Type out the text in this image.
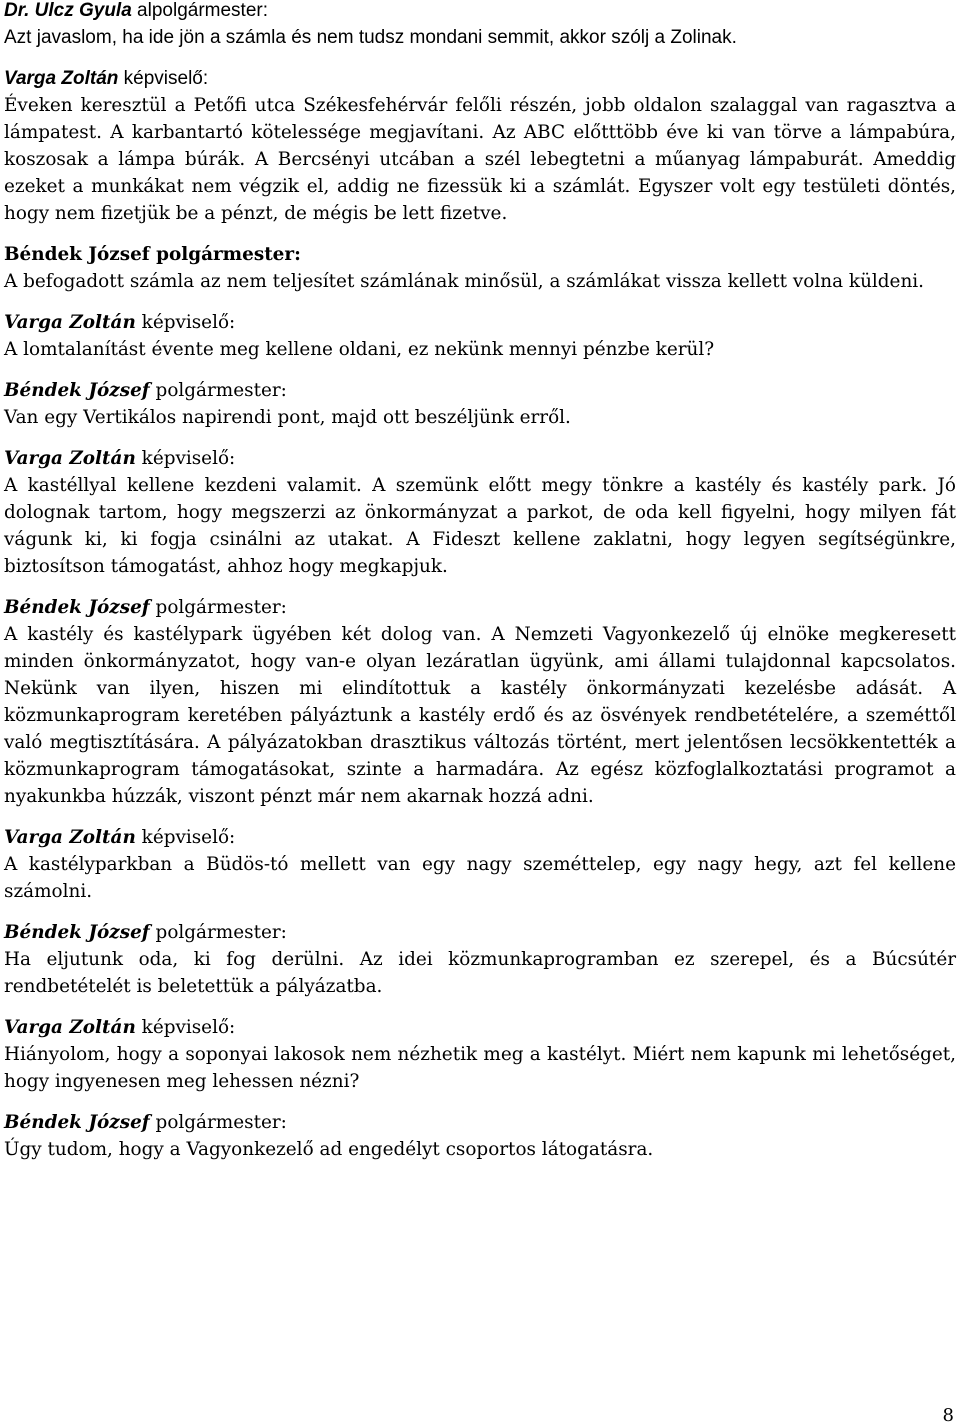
Dr. Ulcz Gyula alpolgármester:
Azt javaslom, ha ide jön a számla és nem tudsz mondani semmit, akkor szólj a Zolinak.
Varga Zoltán képviselő:
Éveken keresztül a Petőfi utca Székesfehérvár felőli részén, jobb oldalon szalaggal van ragasztva a lámpatest. A karbantartó kötelessége megjavítani. Az ABC előtttöbb éve ki van törve a lámpabúra, koszosak a lámpa búrák. A Bercsényi utcában a szél lebegtetni a műanyag lámpaburát. Ameddig ezeket a munkákat nem végzik el, addig ne fizessük ki a számlát. Egyszer volt egy testületi döntés, hogy nem fizetjük be a pénzt, de mégis be lett fizetve.
Béndek József polgármester:
A befogadott számla az nem teljesítet számlának minősül, a számlákat vissza kellett volna küldeni.
Varga Zoltán képviselő:
A lomtalanítást évente meg kellene oldani, ez nekünk mennyi pénzbe kerül?
Béndek József polgármester:
Van egy Vertikálos napirendi pont, majd ott beszéljünk erről.
Varga Zoltán képviselő:
A kastéllyal kellene kezdeni valamit. A szemünk előtt megy tönkre a kastély és kastély park. Jó dolognak tartom, hogy megszerzi az önkormányzat a parkot, de oda kell figyelni, hogy milyen fát vágunk ki, ki fogja csinálni az utakat. A Fideszt kellene zaklatni, hogy legyen segítségünkre, biztosítson támogatást, ahhoz hogy megkapjuk.
Béndek József polgármester:
A kastély és kastélypark ügyében két dolog van. A Nemzeti Vagyonkezelő új elnöke megkeresett minden önkormányzatot, hogy van-e olyan lezáratlan ügyünk, ami állami tulajdonnal kapcsolatos. Nekünk van ilyen, hiszen mi elindítottuk a kastély önkormányzati kezelésbe adását. A közmunkaprogram keretében pályáztunk a kastély erdő és az ösvények rendbetételére, a szeméttől való megtisztítására. A pályázatokban drasztikus változás történt, mert jelentősen lecsökkentették a közmunkaprogram támogatásokat, szinte a harmadára. Az egész közfoglalkoztatási programot a nyakunkba húzzák, viszont pénzt már nem akarnak hozzá adni.
Varga Zoltán képviselő:
A kastélyparkban a Büdös-tó mellett van egy nagy szeméttelep, egy nagy hegy, azt fel kellene számolni.
Béndek József polgármester:
Ha eljutunk oda, ki fog derülni. Az idei közmunkaprogramban ez szerepel, és a Búcsútér rendbetételét is beletettük a pályázatba.
Varga Zoltán képviselő:
Hiányolom, hogy a soponyai lakosok nem nézhetik meg a kastélyt. Miért nem kapunk mi lehetőséget, hogy ingyenesen meg lehessen nézni?
Béndek József polgármester:
Úgy tudom, hogy a Vagyonkezelő ad engedélyt csoportos látogatásra.
8
